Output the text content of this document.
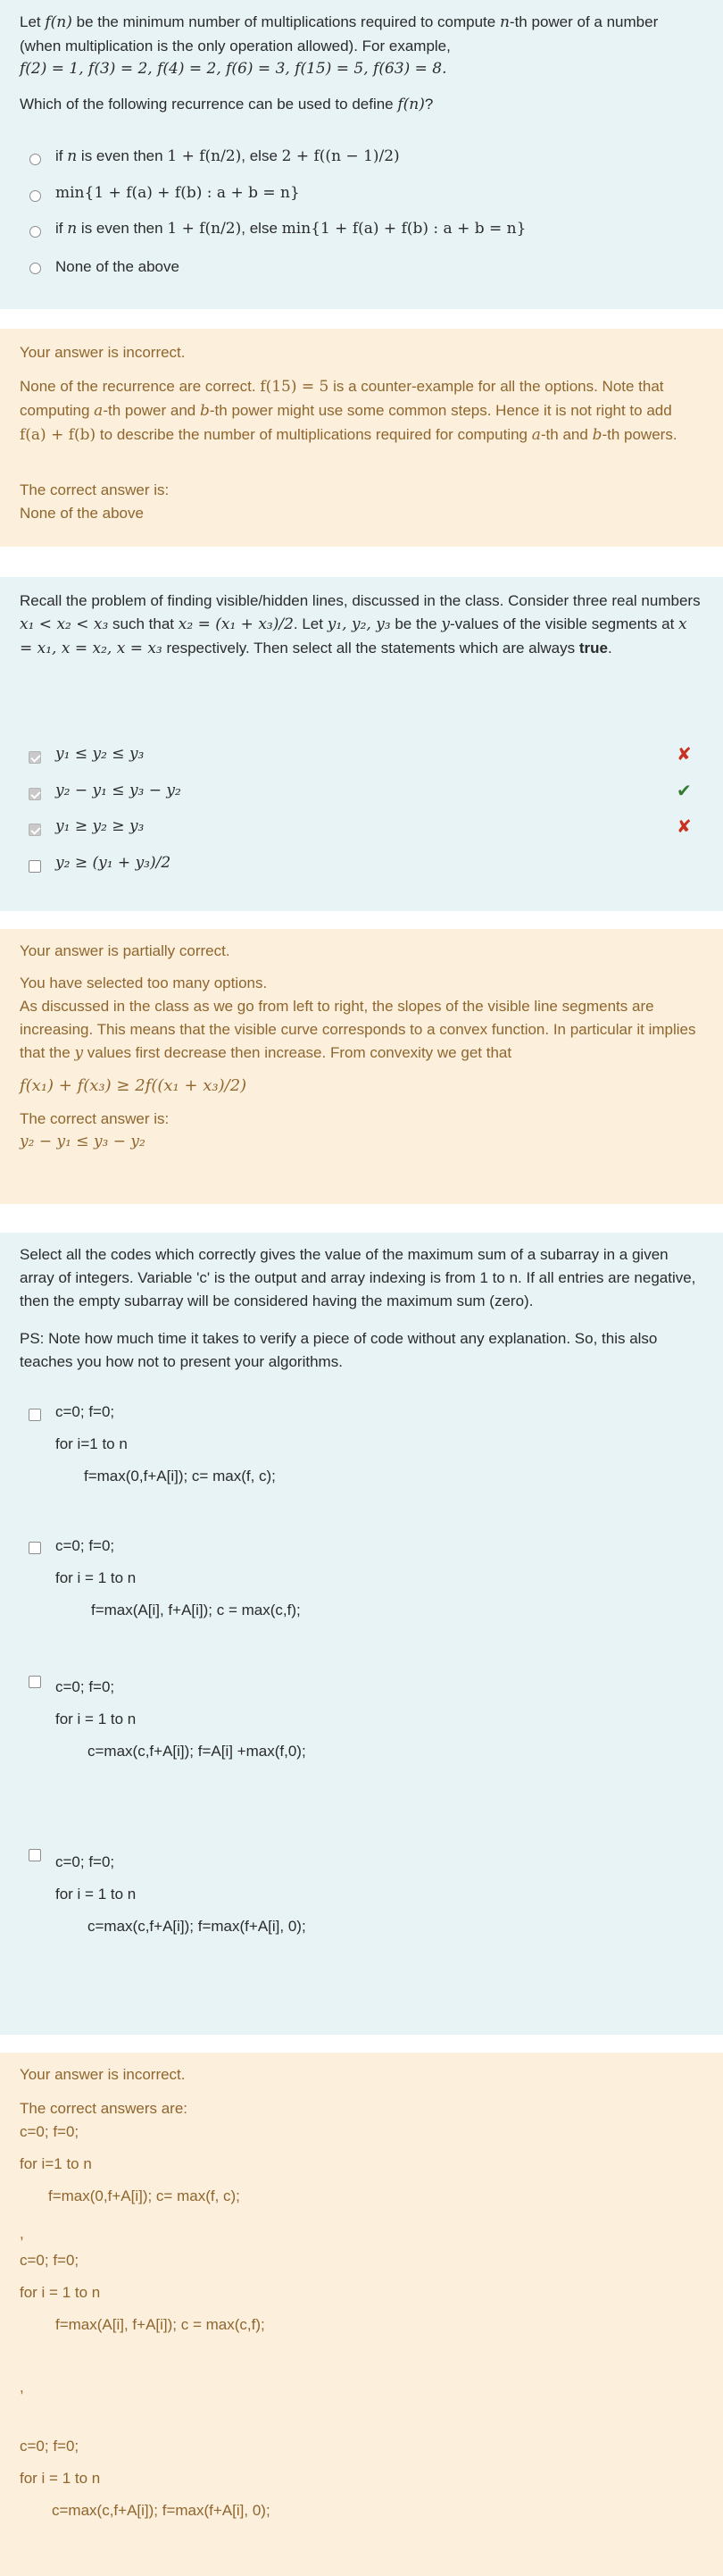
Let f(n) be the minimum number of multiplications required to compute n-th power of a number (when multiplication is the only operation allowed). For example,
f(2) = 1, f(3) = 2, f(4) = 2, f(6) = 3, f(15) = 5, f(63) = 8.

Which of the following recurrence can be used to define f(n)?

if n is even then 1 + f(n/2), else 2 + f((n − 1)/2)
min{1 + f(a) + f(b) : a + b = n}
if n is even then 1 + f(n/2), else min{1 + f(a) + f(b) : a + b = n}
None of the above

Your answer is incorrect.

None of the recurrence are correct. f(15) = 5 is a counter-example for all the options. Note that computing a-th power and b-th power might use some common steps. Hence it is not right to add f(a) + f(b) to describe the number of multiplications required for computing a-th and b-th powers.

The correct answer is:

None of the above

Recall the problem of finding visible/hidden lines, discussed in the class. Consider three real numbers x₁ < x₂ < x₃ such that x₂ = (x₁ + x₃)/2. Let y₁, y₂, y₃ be the y-values of the visible segments at x = x₁, x = x₂, x = x₃ respectively. Then select all the statements which are always true.

y₁ ≤ y₂ ≤ y₃	✘
y₂ − y₁ ≤ y₃ − y₂	✔
y₁ ≥ y₂ ≥ y₃	✘
y₂ ≥ (y₁ + y₃)/2

Your answer is partially correct.

You have selected too many options.

As discussed in the class as we go from left to right, the slopes of the visible line segments are increasing. This means that the visible curve corresponds to a convex function. In particular it implies that the y values first decrease then increase. From convexity we get that

f(x₁) + f(x₃) ≥ 2f((x₁ + x₃)/2)

The correct answer is:

y₂ − y₁ ≤ y₃ − y₂

Select all the codes which correctly gives the value of the maximum sum of a subarray in a given array of integers. Variable 'c' is the output and array indexing is from 1 to n. If all entries are negative, then the empty subarray will be considered having the maximum sum (zero).

PS: Note how much time it takes to verify a piece of code without any explanation. So, this also teaches you how not to present your algorithms.

c=0; f=0;
for i=1 to n
f=max(0,f+A[i]); c= max(f, c);
c=0; f=0;
for i = 1 to n
f=max(A[i], f+A[i]); c = max(c,f);
c=0; f=0;
for i = 1 to n
c=max(c,f+A[i]); f=A[i] +max(f,0);
c=0; f=0;
for i = 1 to n
c=max(c,f+A[i]); f=max(f+A[i], 0);

Your answer is incorrect.

The correct answers are:

c=0; f=0;

for i=1 to n

f=max(0,f+A[i]); c= max(f, c);

,

c=0; f=0;

for i = 1 to n

f=max(A[i], f+A[i]); c = max(c,f);

,

c=0; f=0;

for i = 1 to n

c=max(c,f+A[i]); f=max(f+A[i], 0);
